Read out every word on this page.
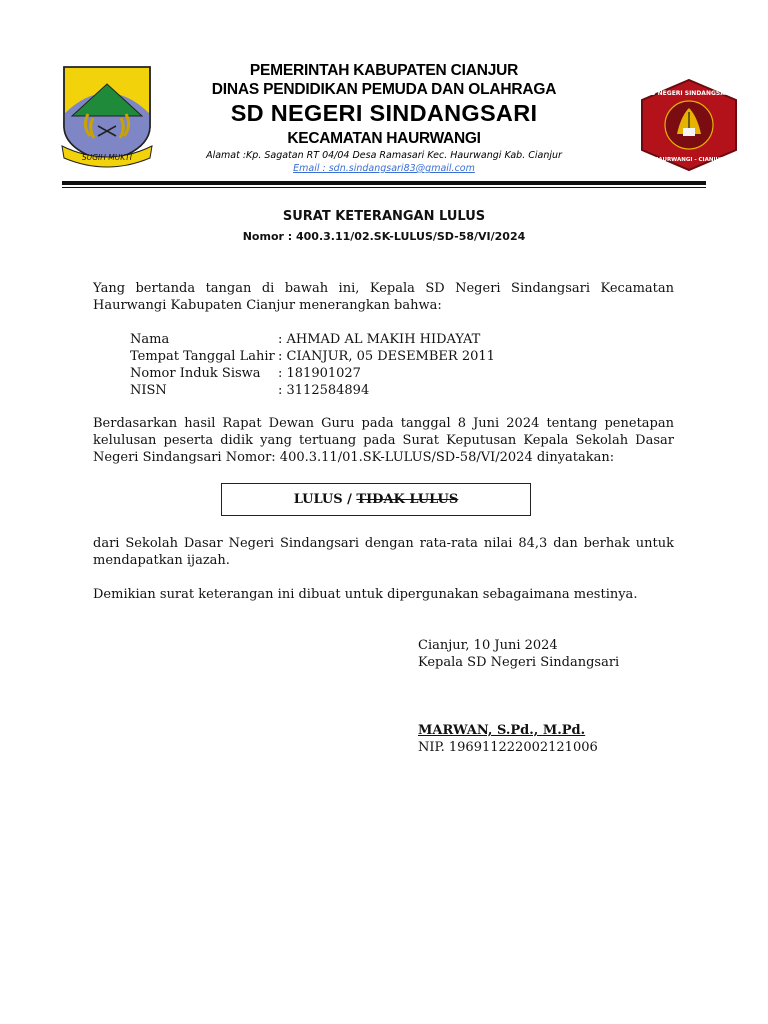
SUGIH MUKTI
SD NEGERI SINDANGSARI
HAURWANGI - CIANJUR
PEMERINTAH KABUPATEN CIANJUR
DINAS PENDIDIKAN PEMUDA DAN OLAHRAGA
SD NEGERI SINDANGSARI
KECAMATAN HAURWANGI
Alamat :Kp. Sagatan RT 04/04 Desa Ramasari Kec. Haurwangi Kab. Cianjur
Email : sdn.sindangsari83@gmail.com
SURAT KETERANGAN LULUS
Nomor : 400.3.11/02.SK-LULUS/SD-58/VI/2024
Yang bertanda tangan di bawah ini, Kepala SD Negeri Sindangsari Kecamatan Haurwangi Kabupaten Cianjur menerangkan bahwa:
Nama	: AHMAD AL MAKIH HIDAYAT
Tempat Tanggal Lahir : CIANJUR, 05 DESEMBER 2011
Nomor Induk Siswa : 181901027
NISN	: 3112584894
Berdasarkan hasil Rapat Dewan Guru pada tanggal 8 Juni 2024 tentang penetapan kelulusan peserta didik yang tertuang pada Surat Keputusan Kepala Sekolah Dasar Negeri Sindangsari Nomor: 400.3.11/01.SK-LULUS/SD-58/VI/2024 dinyatakan:
LULUS / TIDAK LULUS
dari Sekolah Dasar Negeri Sindangsari dengan rata-rata nilai 84,3 dan berhak untuk mendapatkan ijazah.
Demikian surat keterangan ini dibuat untuk dipergunakan sebagaimana mestinya.
Cianjur, 10 Juni 2024
Kepala SD Negeri Sindangsari
MARWAN, S.Pd., M.Pd.
NIP. 196911222002121006
